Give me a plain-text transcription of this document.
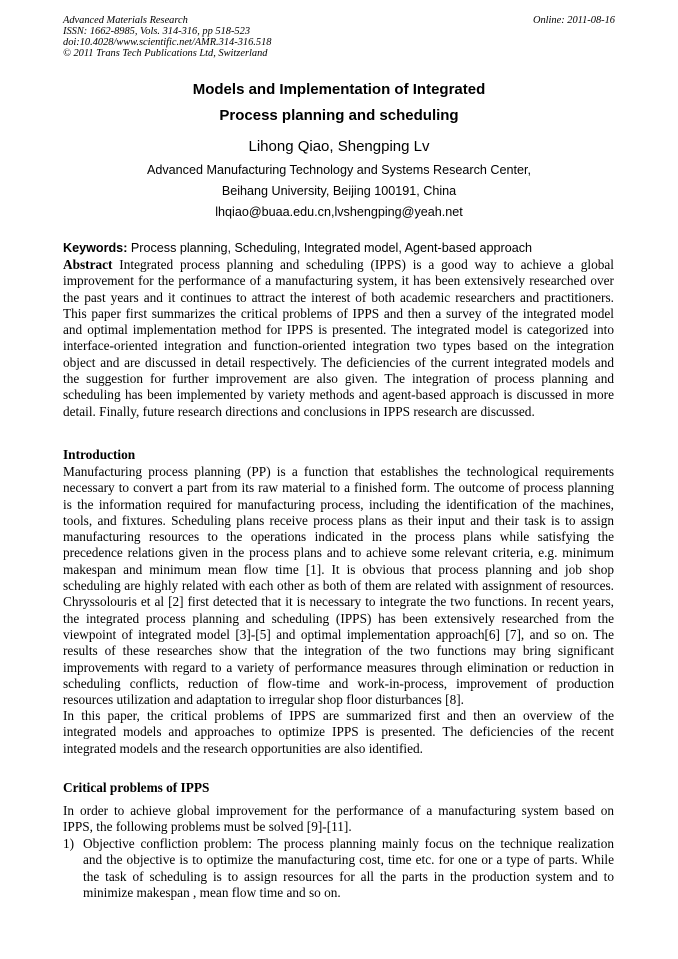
Advanced Materials Research
ISSN: 1662-8985, Vols. 314-316, pp 518-523
doi:10.4028/www.scientific.net/AMR.314-316.518
© 2011 Trans Tech Publications Ltd, Switzerland
Online: 2011-08-16
Models and Implementation of Integrated
Process planning and scheduling
Lihong Qiao, Shengping Lv
Advanced Manufacturing Technology and Systems Research Center,
Beihang University, Beijing 100191, China
lhqiao@buaa.edu.cn,lvshengping@yeah.net
Keywords: Process planning, Scheduling, Integrated model, Agent-based approach
Abstract Integrated process planning and scheduling (IPPS) is a good way to achieve a global
improvement for the performance of a manufacturing system, it has been extensively researched over
the past years and it continues to attract the interest of both academic researchers and practitioners.
This paper first summarizes the critical problems of IPPS and then a survey of the integrated model
and optimal implementation method for IPPS is presented. The integrated model is categorized into
interface-oriented integration and function-oriented integration two types based on the integration
object and are discussed in detail respectively. The deficiencies of the current integrated models and
the suggestion for further improvement are also given. The integration of process planning and
scheduling has been implemented by variety methods and agent-based approach is discussed in more
detail. Finally, future research directions and conclusions in IPPS research are discussed.
Introduction
Manufacturing process planning (PP) is a function that establishes the technological requirements
necessary to convert a part from its raw material to a finished form. The outcome of process planning
is the information required for manufacturing process, including the identification of the machines,
tools, and fixtures. Scheduling plans receive process plans as their input and their task is to assign
manufacturing resources to the operations indicated in the process plans while satisfying the
precedence relations given in the process plans and to achieve some relevant criteria, e.g. minimum
makespan and minimum mean flow time [1]. It is obvious that process planning and job shop
scheduling are highly related with each other as both of them are related with assignment of resources.
Chryssolouris et al [2] first detected that it is necessary to integrate the two functions. In recent years,
the integrated process planning and scheduling (IPPS) has been extensively researched from the
viewpoint of integrated model [3]-[5] and optimal implementation approach[6] [7], and so on. The
results of these researches show that the integration of the two functions may bring significant
improvements with regard to a variety of performance measures through elimination or reduction in
scheduling conflicts, reduction of flow-time and work-in-process, improvement of production
resources utilization and adaptation to irregular shop floor disturbances [8].
In this paper, the critical problems of IPPS are summarized first and then an overview of the
integrated models and approaches to optimize IPPS is presented. The deficiencies of the recent
integrated models and the research opportunities are also identified.
Critical problems of IPPS
In order to achieve global improvement for the performance of a manufacturing system based on
IPPS, the following problems must be solved [9]-[11].
1) Objective confliction problem: The process planning mainly focus on the technique realization
and the objective is to optimize the manufacturing cost, time etc. for one or a type of parts. While
the task of scheduling is to assign resources for all the parts in the production system and to
minimize makespan , mean flow time and so on.
